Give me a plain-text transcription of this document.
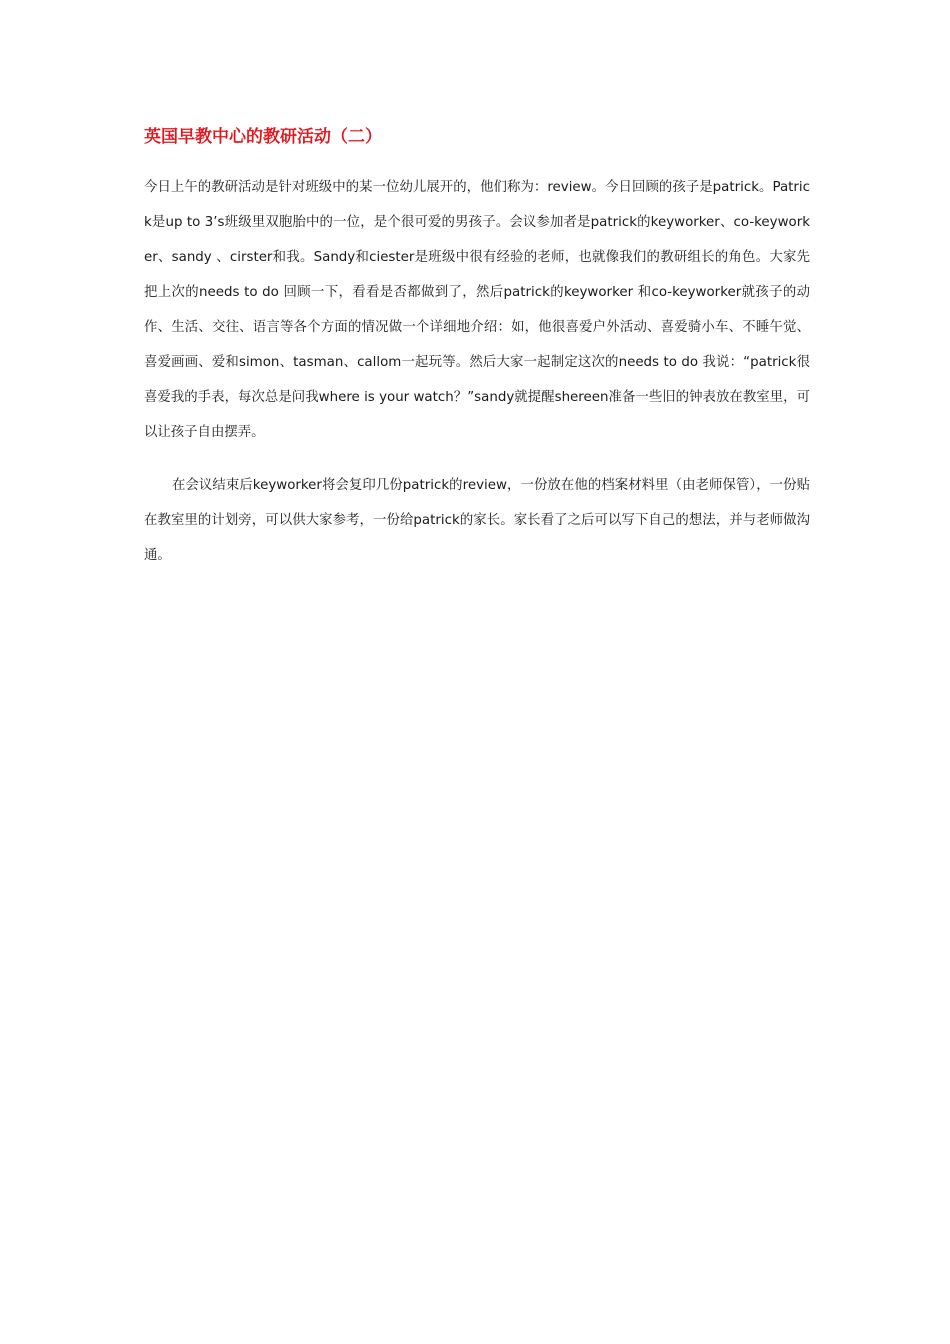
英国早教中心的教研活动（二）

今日上午的教研活动是针对班级中的某一位幼儿展开的，他们称为：review。今日回顾的孩子是patrick。Patrick是up to 3’s班级里双胞胎中的一位，是个很可爱的男孩子。会议参加者是patrick的keyworker、co-keyworker、sandy 、cirster和我。Sandy和ciester是班级中很有经验的老师，也就像我们的教研组长的角色。大家先把上次的needs to do 回顾一下，看看是否都做到了，然后patrick的keyworker 和co-keyworker就孩子的动作、生活、交往、语言等各个方面的情况做一个详细地介绍：如，他很喜爱户外活动、喜爱骑小车、不睡午觉、喜爱画画、爱和simon、tasman、callom一起玩等。然后大家一起制定这次的needs to do 我说：“patrick很喜爱我的手表，每次总是问我where is your watch？”sandy就提醒shereen准备一些旧的钟表放在教室里，可以让孩子自由摆弄。

在会议结束后keyworker将会复印几份patrick的review，一份放在他的档案材料里（由老师保管），一份贴在教室里的计划旁，可以供大家参考，一份给patrick的家长。家长看了之后可以写下自己的想法，并与老师做沟通。
